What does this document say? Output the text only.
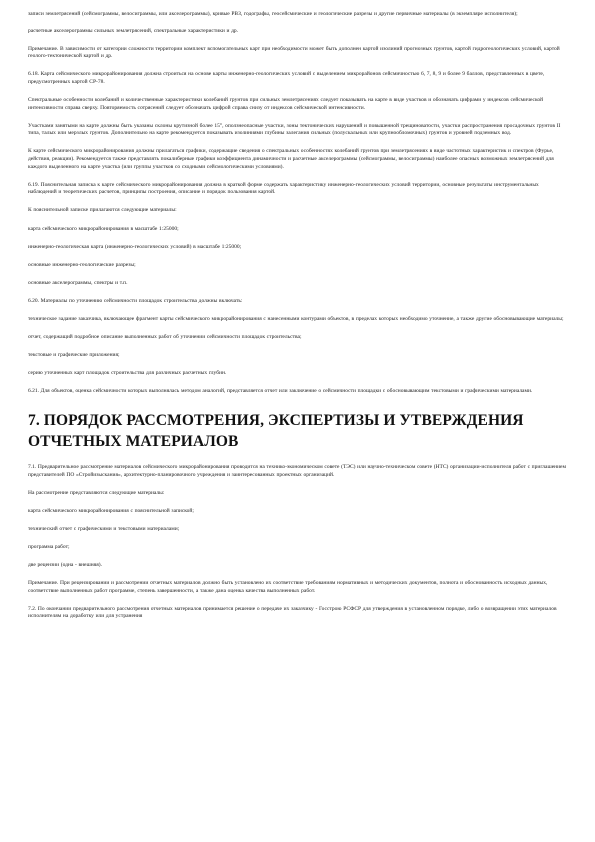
записи землетрясений (сейсмограммы, велосиграммы, или акселерограммы), кривые РВЗ, годографы, геосейсмические и геологические разрезы и другие первичные материалы (в экземпляре исполнителя);

расчетные акселерограммы сильных землетрясений, спектральные характеристики и др.

Примечание. В зависимости от категории сложности территории комплект вспомогательных карт при необходимости может быть дополнен картой изолиний прогнозных грунтов, картой гидрогеологических условий, картой геолого-тектонической картой и др.

6.18. Карта сейсмического микрорайонирования должна строиться на основе карты инженерно-геологических условий с выделением микрорайонов сейсмичностью 6, 7, 8, 9 и более 9 баллов, представленных в цвете, предусмотренных картой СР-78.

Спектральные особенности колебаний и количественные характеристики колебаний грунтов при сильных землетрясениях следует показывать на карте в виде участков и обозначать цифрами у индексов сейсмической интенсивности справа сверху. Повторяемость сотрясений следует обозначать цифрой справа снизу от индексов сейсмической интенсивности.

Участками занятыми на карте должны быть указаны склоны крутизной более 15°, оползнеопасные участки, зоны тектонических нарушений и повышенной трещиноватости, участки распространения просадочных грунтов II типа, талых или мерзлых грунтов. Дополнительно на карте рекомендуется показывать изолиниями глубины залегания сильных (полускальных или крупнообломочных) грунтов и уровней подземных вод.

К карте сейсмического микрорайонирования должны прилагаться графики, содержащие сведения о спектральных особенностях колебаний грунтов при землетрясениях в виде частотных характеристик и спектров (Фурье, действия, реакции). Рекомендуется также представлять покалиберные графики коэффициента динамичности и расчетные акселерограммы (сейсмограммы, велосиграммы) наиболее опасных возможных землетрясений для каждого выделенного на карте участка (или группы участков со сходными сейсмологическими условиями).

6.19. Пояснительная записка к карте сейсмического микрорайонирования должна в краткой форме содержать характеристику инженерно-геологических условий территории, основные результаты инструментальных наблюдений и теоретических расчетов, принципы построения, описание и порядок пользования картой.

К пояснительной записке прилагаются следующие материалы:

карта сейсмического микрорайонирования в масштабе 1:25000;

инженерно-геологическая карта (инженерно-геологических условий) в масштабе 1:25000;

основные инженерно-геологические разрезы;

основные акселерограммы, спектры и т.п.

6.20. Материалы по уточнению сейсмичности площадок строительства должны включать:

техническое задание заказчика, включающее фрагмент карты сейсмического микрорайонирования с нанесенными контурами объектов, в пределах которых необходимо уточнение, а также другие обосновывающие материалы;

отчет, содержащий подробное описание выполненных работ об уточнении сейсмичности площадок строительства;

текстовые и графические приложения;

серию уточненных карт площадок строительства для различных расчетных глубин.

6.21. Для объектов, оценка сейсмичности которых выполнялась методом аналогий, представляется отчет или заключение о сейсмичности площадки с обосновывающим текстовыми и графическими материалами.

7. ПОРЯДОК РАССМОТРЕНИЯ, ЭКСПЕРТИЗЫ И УТВЕРЖДЕНИЯ ОТЧЕТНЫХ МАТЕРИАЛОВ

7.1. Предварительное рассмотрение материалов сейсмического микрорайонирования проводится на технико-экономическом совете (ТЭС) или научно-техническом совете (НТС) организации-исполнителя работ с приглашением представителей ПО «Стройизыскания», архитектурно-планировочного учреждения и заинтересованных проектных организаций.

На рассмотрение представляются следующие материалы:

карта сейсмического микрорайонирования с пояснительной запиской;

технический отчет с графическими и текстовыми материалами;

программа работ;

две рецензии (одна - внешняя).

Примечание. При рецензировании и рассмотрении отчетных материалов должно быть установлено их соответствие требованиям нормативных и методических документов, полнота и обоснованность исходных данных, соответствие выполненных работ программе, степень завершенности, а также дана оценка качества выполненных работ.

7.2. По окончании предварительного рассмотрения отчетных материалов принимается решение о передаче их заказчику - Госстрою РСФСР для утверждения в установленном порядке, либо о возвращении этих материалов исполнителям на доработку или для устранения
